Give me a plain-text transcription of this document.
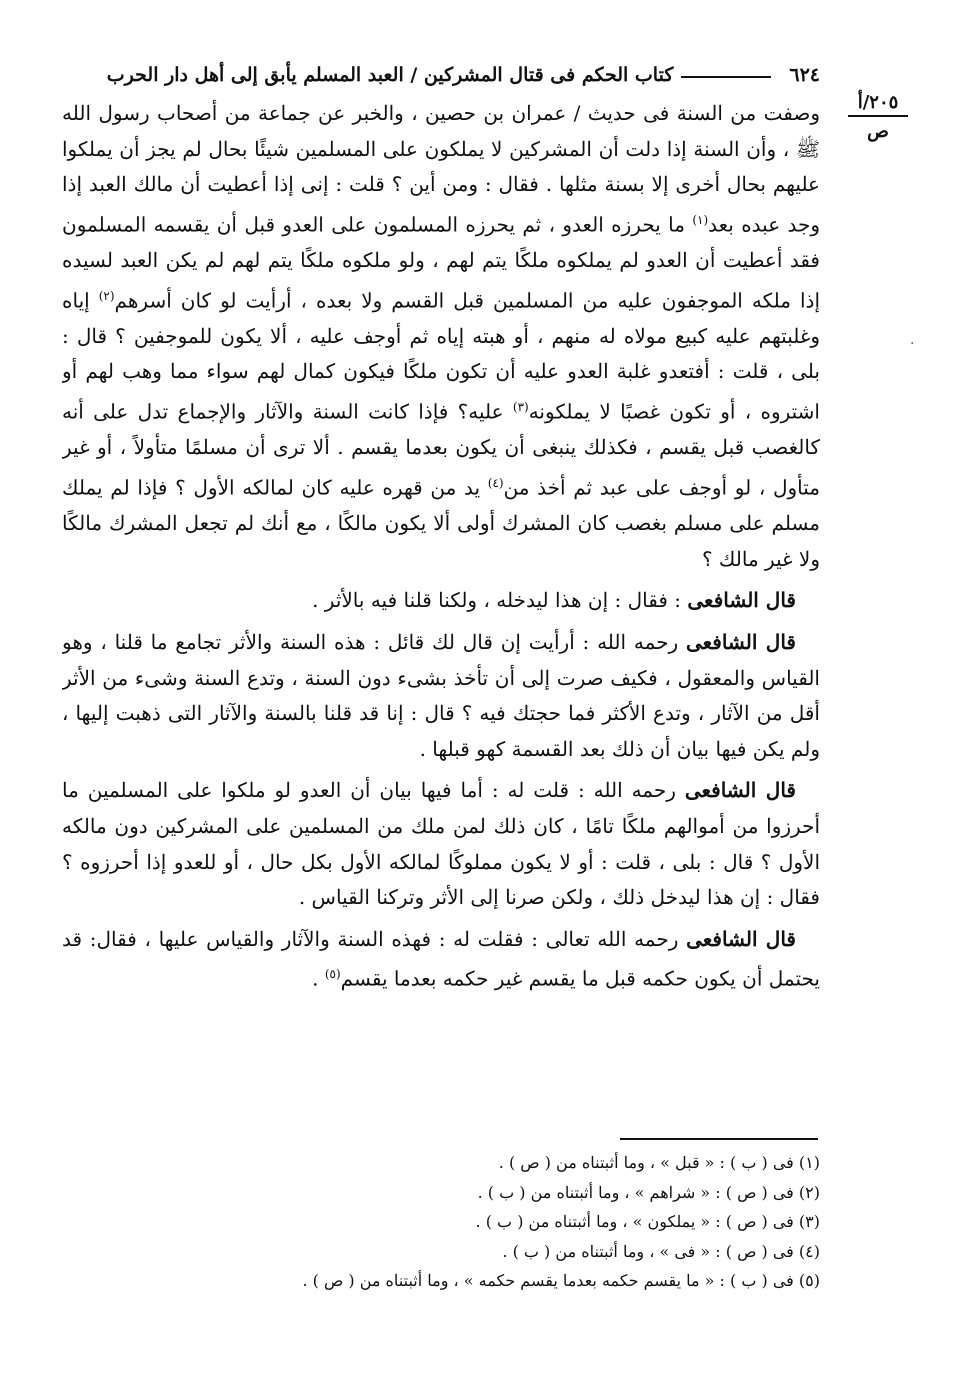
٦٢٤
كتاب الحكم فى قتال المشركين / العبد المسلم يأبق إلى أهل دار الحرب
٢٠٥/أ
ص
·

وصفت من السنة فى حديث / عمران بن حصين ، والخبر عن جماعة من أصحاب رسول الله ﷺ ، وأن السنة إذا دلت أن المشركين لا يملكون على المسلمين شيئًا بحال لم يجز أن يملكوا عليهم بحال أخرى إلا بسنة مثلها . فقال : ومن أين ؟ قلت : إنى إذا أعطيت أن مالك العبد إذا وجد عبده بعد$^{(١)}$ ما يحرزه العدو ، ثم يحرزه المسلمون على العدو قبل أن يقسمه المسلمون فقد أعطيت أن العدو لم يملكوه ملكًا يتم لهم ، ولو ملكوه ملكًا يتم لهم لم يكن العبد لسيده إذا ملكه الموجفون عليه من المسلمين قبل القسم ولا بعده ، أرأيت لو كان أسرهم$^{(٢)}$ إياه وغلبتهم عليه كبيع مولاه له منهم ، أو هبته إياه ثم أوجف عليه ، ألا يكون للموجفين ؟ قال : بلى ، قلت : أفتعدو غلبة العدو عليه أن تكون ملكًا فيكون كمال لهم سواء مما وهب لهم أو اشتروه ، أو تكون غصبًا لا يملكونه$^{(٣)}$ عليه؟ فإذا كانت السنة والآثار والإجماع تدل على أنه كالغصب قبل يقسم ، فكذلك ينبغى أن يكون بعدما يقسم . ألا ترى أن مسلمًا متأولاً ، أو غير متأول ، لو أوجف على عبد ثم أخذ من$^{(٤)}$ يد من قهره عليه كان لمالكه الأول ؟ فإذا لم يملك مسلم على مسلم بغصب كان المشرك أولى ألا يكون مالكًا ، مع أنك لم تجعل المشرك مالكًا ولا غير مالك ؟

قال الشافعى : فقال : إن هذا ليدخله ، ولكنا قلنا فيه بالأثر .

قال الشافعى رحمه الله : أرأيت إن قال لك قائل : هذه السنة والأثر تجامع ما قلنا ، وهو القياس والمعقول ، فكيف صرت إلى أن تأخذ بشىء دون السنة ، وتدع السنة وشىء من الأثر أقل من الآثار ، وتدع الأكثر فما حجتك فيه ؟ قال : إنا قد قلنا بالسنة والآثار التى ذهبت إليها ، ولم يكن فيها بيان أن ذلك بعد القسمة كهو قبلها .

قال الشافعى رحمه الله : قلت له : أما فيها بيان أن العدو لو ملكوا على المسلمين ما أحرزوا من أموالهم ملكًا تامًا ، كان ذلك لمن ملك من المسلمين على المشركين دون مالكه الأول ؟ قال : بلى ، قلت : أو لا يكون مملوكًا لمالكه الأول بكل حال ، أو للعدو إذا أحرزوه ؟ فقال : إن هذا ليدخل ذلك ، ولكن صرنا إلى الأثر وتركنا القياس .

قال الشافعى رحمه الله تعالى : فقلت له : فهذه السنة والآثار والقياس عليها ، فقال: قد يحتمل أن يكون حكمه قبل ما يقسم غير حكمه بعدما يقسم$^{(٥)}$ .

(١) فى ( ب ) : « قبل » ، وما أثبتناه من ( ص ) .
(٢) فى ( ص ) : « شراهم » ، وما أثبتناه من ( ب ) .
(٣) فى ( ص ) : « يملكون » ، وما أثبتناه من ( ب ) .
(٤) فى ( ص ) : « فى » ، وما أثبتناه من ( ب ) .
(٥) فى ( ب ) : « ما يقسم حكمه بعدما يقسم حكمه » ، وما أثبتناه من ( ص ) .
